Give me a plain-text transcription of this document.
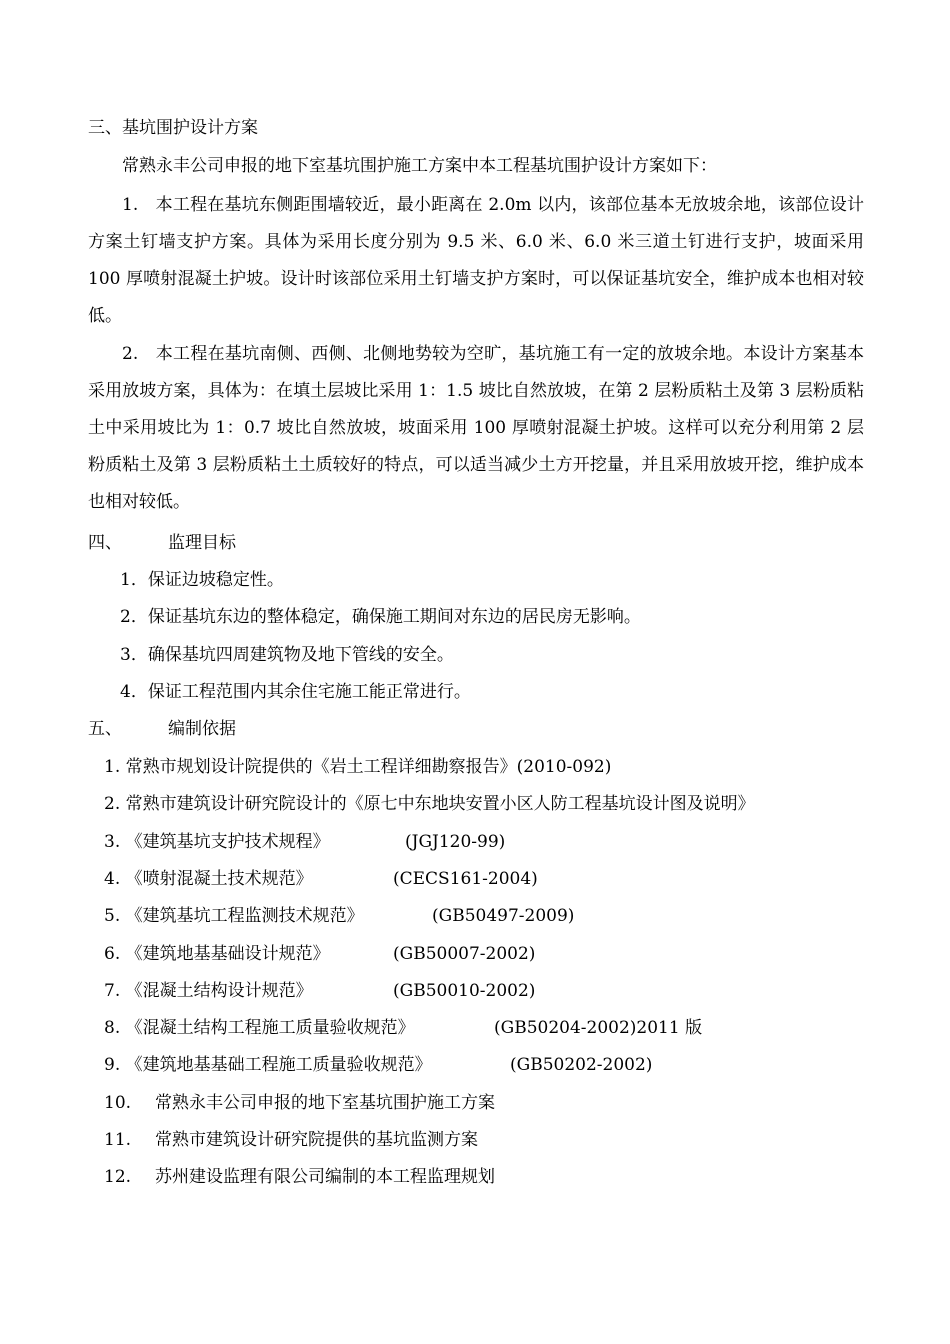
三、基坑围护设计方案
常熟永丰公司申报的地下室基坑围护施工方案中本工程基坑围护设计方案如下：
1.　本工程在基坑东侧距围墙较近，最小距离在 2.0m 以内，该部位基本无放坡余地，该部位设计方案土钉墙支护方案。具体为采用长度分别为 9.5 米、6.0 米、6.0 米三道土钉进行支护，坡面采用 100 厚喷射混凝土护坡。设计时该部位采用土钉墙支护方案时，可以保证基坑安全，维护成本也相对较低。
2.　本工程在基坑南侧、西侧、北侧地势较为空旷，基坑施工有一定的放坡余地。本设计方案基本采用放坡方案，具体为：在填土层坡比采用 1：1.5 坡比自然放坡，在第 2 层粉质粘土及第 3 层粉质粘土中采用坡比为 1：0.7 坡比自然放坡，坡面采用 100 厚喷射混凝土护坡。这样可以充分利用第 2 层粉质粘土及第 3 层粉质粘土土质较好的特点，可以适当减少土方开挖量，并且采用放坡开挖，维护成本也相对较低。
四、	监理目标
1．保证边坡稳定性。
2．保证基坑东边的整体稳定，确保施工期间对东边的居民房无影响。
3．确保基坑四周建筑物及地下管线的安全。
4．保证工程范围内其余住宅施工能正常进行。
五、	编制依据
1. 常熟市规划设计院提供的《岩土工程详细勘察报告》(2010-092)
2. 常熟市建筑设计研究院设计的《原七中东地块安置小区人防工程基坑设计图及说明》
3. 《建筑基坑支护技术规程》	(JGJ120-99)
4. 《喷射混凝土技术规范》	(CECS161-2004)
5. 《建筑基坑工程监测技术规范》	(GB50497-2009)
6. 《建筑地基基础设计规范》	(GB50007-2002)
7. 《混凝土结构设计规范》	(GB50010-2002)
8. 《混凝土结构工程施工质量验收规范》	(GB50204-2002)2011 版
9. 《建筑地基基础工程施工质量验收规范》	(GB50202-2002)
10. 常熟永丰公司申报的地下室基坑围护施工方案
11. 常熟市建筑设计研究院提供的基坑监测方案
12. 苏州建设监理有限公司编制的本工程监理规划
